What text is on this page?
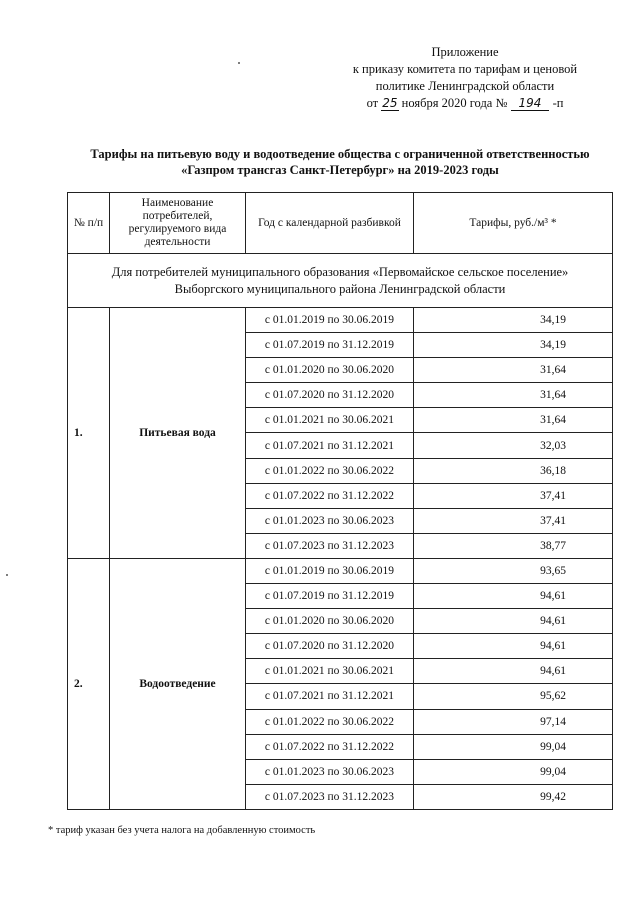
Приложение
к приказу комитета по тарифам и ценовой
политике Ленинградской области
от 25 ноября 2020 года № 194 -п
Тарифы на питьевую воду и водоотведение общества с ограниченной ответственностью
«Газпром трансгаз Санкт-Петербург» на 2019-2023 годы
№ п/п	Наименование потребителей, регулируемого вида деятельности	Год с календарной разбивкой	Тарифы, руб./м³ *

Для потребителей муниципального образования «Первомайское сельское поселение»
Выборгского муниципального района Ленинградской области			

1.	Питьевая вода	с 01.01.2019 по 30.06.2019	34,19
		с 01.07.2019 по 31.12.2019	34,19
		с 01.01.2020 по 30.06.2020	31,64
		с 01.07.2020 по 31.12.2020	31,64
		с 01.01.2021 по 30.06.2021	31,64
		с 01.07.2021 по 31.12.2021	32,03
		с 01.01.2022 по 30.06.2022	36,18
		с 01.07.2022 по 31.12.2022	37,41
		с 01.01.2023 по 30.06.2023	37,41
		с 01.07.2023 по 31.12.2023	38,77
2.	Водоотведение	с 01.01.2019 по 30.06.2019	93,65
		с 01.07.2019 по 31.12.2019	94,61
		с 01.01.2020 по 30.06.2020	94,61
		с 01.07.2020 по 31.12.2020	94,61
		с 01.01.2021 по 30.06.2021	94,61
		с 01.07.2021 по 31.12.2021	95,62
		с 01.01.2022 по 30.06.2022	97,14
		с 01.07.2022 по 31.12.2022	99,04
		с 01.01.2023 по 30.06.2023	99,04
		с 01.07.2023 по 31.12.2023	99,42
* тариф указан без учета налога на добавленную стоимость
